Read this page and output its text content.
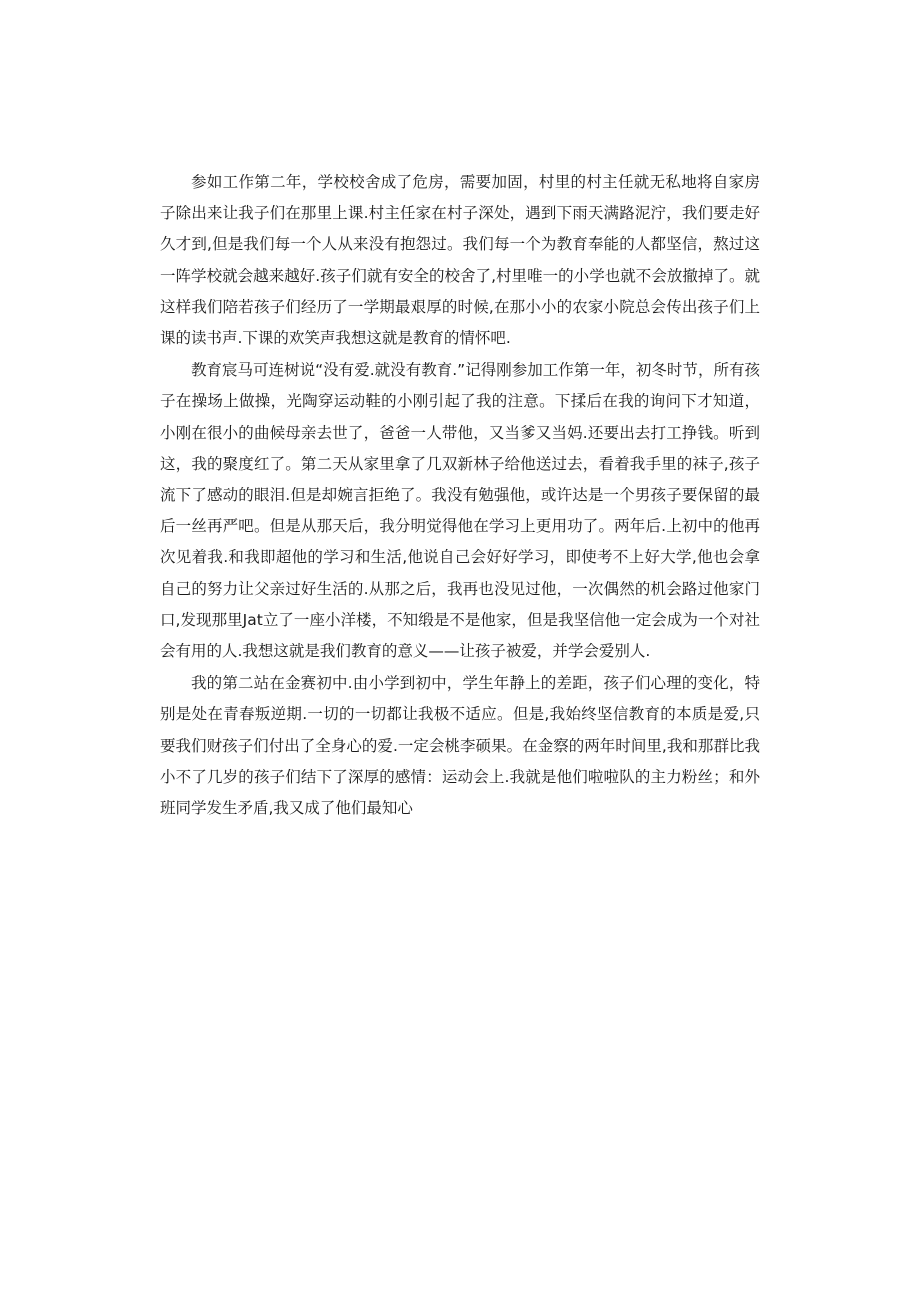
参如工作第二年，学校校舍成了危房，需要加固，村里的村主任就无私地将自家房子除出来让我子们在那里上课.村主任家在村子深处，遇到下雨天满路泥泞，我们要走好久才到,但是我们每一个人从来没有抱怨过。我们每一个为教育奉能的人都坚信，熬过这一阵学校就会越来越好.孩子们就有安全的校舍了,村里唯一的小学也就不会放撤掉了。就这样我们陪若孩子们经历了一学期最艰厚的时候,在那小小的农家小院总会传出孩子们上课的读书声.下课的欢笑声我想这就是教育的情怀吧.

教育宸马可连树说“没有爱.就没有教育.”记得刚参加工作第一年，初冬时节，所有孩子在操场上做操，光陶穿运动鞋的小刚引起了我的注意。下揉后在我的询问下才知道，小刚在很小的曲候母亲去世了，爸爸一人带他，又当爹又当妈.还要出去打工挣钱。听到这，我的聚度红了。第二天从家里拿了几双新林子给他送过去，看着我手里的袜子,孩子流下了感动的眼泪.但是却婉言拒绝了。我没有勉强他，或许达是一个男孩子要保留的最后一丝再严吧。但是从那天后，我分明觉得他在学习上更用功了。两年后.上初中的他再次见着我.和我即超他的学习和生活,他说自己会好好学习，即使考不上好大学,他也会拿自己的努力让父亲过好生活的.从那之后，我再也没见过他，一次偶然的机会路过他家门口,发现那里Jat立了一座小洋楼，不知缎是不是他家，但是我坚信他一定会成为一个对社会有用的人.我想这就是我们教育的意义——让孩子被爱，并学会爱别人.

我的第二站在金赛初中.由小学到初中，学生年静上的差距，孩子们心理的变化，特别是处在青春叛逆期.一切的一切都让我极不适应。但是,我始终坚信教育的本质是爱,只要我们财孩子们付出了全身心的爱.一定会桃李硕果。在金察的两年时间里,我和那群比我小不了几岁的孩子们结下了深厚的感情：运动会上.我就是他们啦啦队的主力粉丝；和外班同学发生矛盾,我又成了他们最知心
